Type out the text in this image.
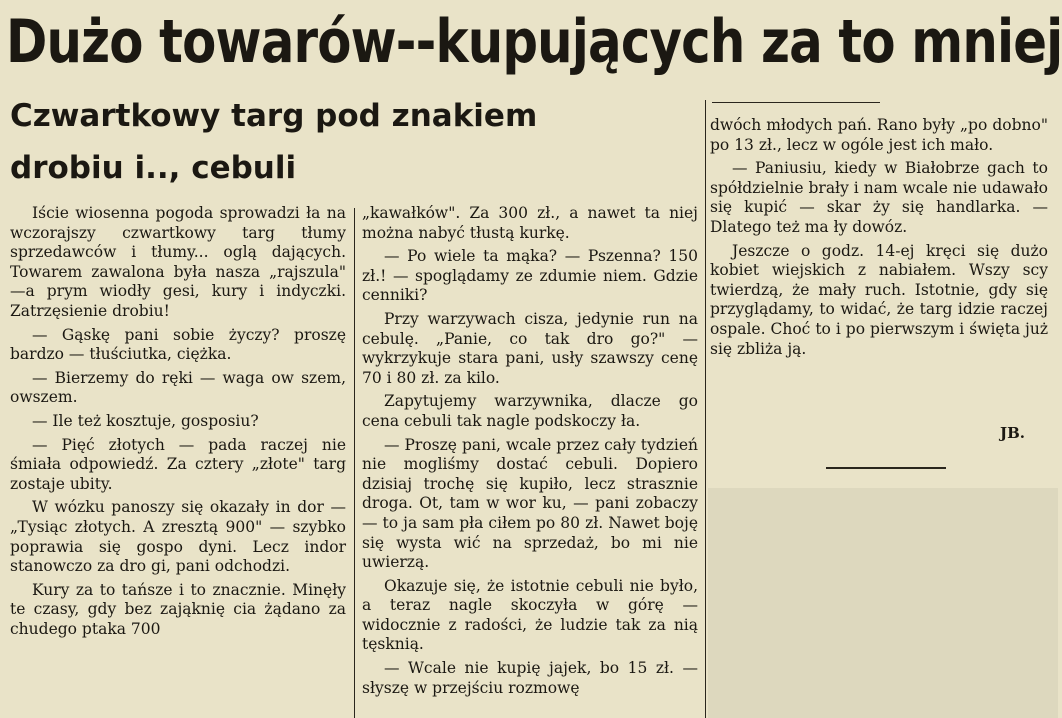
Dużo towarów--kupujących za to mniej
Czwartkowy targ pod znakiem
drobiu i.., cebuli

Iście wiosenna pogoda sprowadzi ła na wczorajszy czwartkowy targ tłumy sprzedawców i tłumy... oglą dających. Towarem zawalona była nasza „rajszula" —a prym wiodły gesi, kury i indyczki. Zatrzęsienie drobiu!

— Gąskę pani sobie życzy? proszę bardzo — tłuściutka, ciężka.

— Bierzemy do ręki — waga ow szem, owszem.

— Ile też kosztuje, gosposiu?

— Pięć złotych — pada raczej nie śmiała odpowiedź. Za cztery „złote" targ zostaje ubity.

W wózku panoszy się okazały in dor — „Tysiąc złotych. A zresztą 900" — szybko poprawia się gospo dyni. Lecz indor stanowczo za dro gi, pani odchodzi.

Kury za to tańsze i to znacznie. Minęły te czasy, gdy bez zająknię cia żądano za chudego ptaka 700

„kawałków". Za 300 zł., a nawet ta niej można nabyć tłustą kurkę.

— Po wiele ta mąka? — Pszenna? 150 zł.! — spoglądamy ze zdumie niem. Gdzie cenniki?

Przy warzywach cisza, jedynie run na cebulę. „Panie, co tak dro go?" — wykrzykuje stara pani, usły szawszy cenę 70 i 80 zł. za kilo.

Zapytujemy warzywnika, dlacze go cena cebuli tak nagle podskoczy ła.

— Proszę pani, wcale przez cały tydzień nie mogliśmy dostać cebuli. Dopiero dzisiaj trochę się kupiło, lecz strasznie droga. Ot, tam w wor ku, — pani zobaczy — to ja sam pła ciłem po 80 zł. Nawet boję się wysta wić na sprzedaż, bo mi nie uwierzą.

Okazuje się, że istotnie cebuli nie było, a teraz nagle skoczyła w górę — widocznie z radości, że ludzie tak za nią tęsknią.

— Wcale nie kupię jajek, bo 15 zł. — słyszę w przejściu rozmowę

dwóch młodych pań. Rano były „po dobno" po 13 zł., lecz w ogóle jest ich mało.

— Paniusiu, kiedy w Białobrze gach to spółdzielnie brały i nam wcale nie udawało się kupić — skar ży się handlarka. — Dlatego też ma ły dowóz.

Jeszcze o godz. 14-ej kręci się dużo kobiet wiejskich z nabiałem. Wszy scy twierdzą, że mały ruch. Istotnie, gdy się przyglądamy, to widać, że targ idzie raczej ospale. Choć to i po pierwszym i święta już się zbliża ją.

JB.
